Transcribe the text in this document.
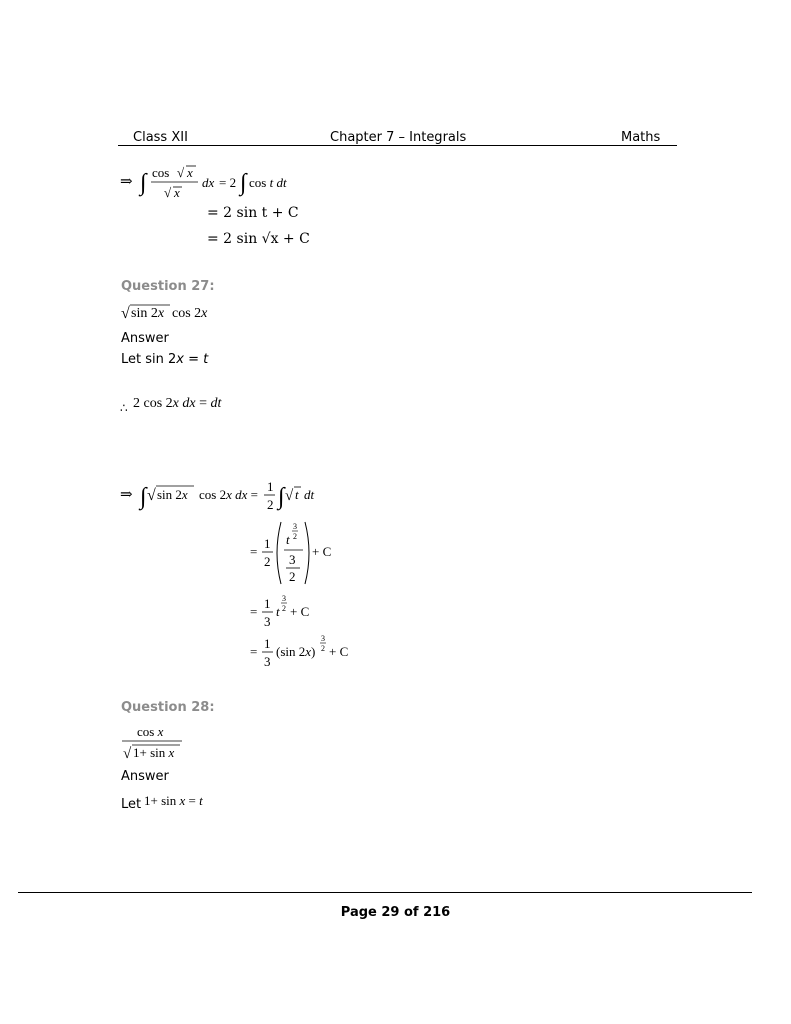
Class XII	Chapter 7 – Integrals	Maths
⇒ ∫ cos √ x
√ x
dx = 2 ∫ cos t dt
= 2 sin t + C
= 2 sin √x + C
Question 27:
√ sin 2x cos 2x
Answer
Let sin 2x = t
∴ 2 cos 2x dx = dt
⇒ ∫ √ sin 2x cos 2x dx =
1
2 ∫ √ t dt
=
1
2
t
3
2
3
2
+ C
=
1
3
t
3
2 + C
=
1
3
(sin 2x)
3
2 + C
Question 28:
cos x
√ 1+ sin x
Answer
Let 1+ sin x = t
Page 29 of 216
